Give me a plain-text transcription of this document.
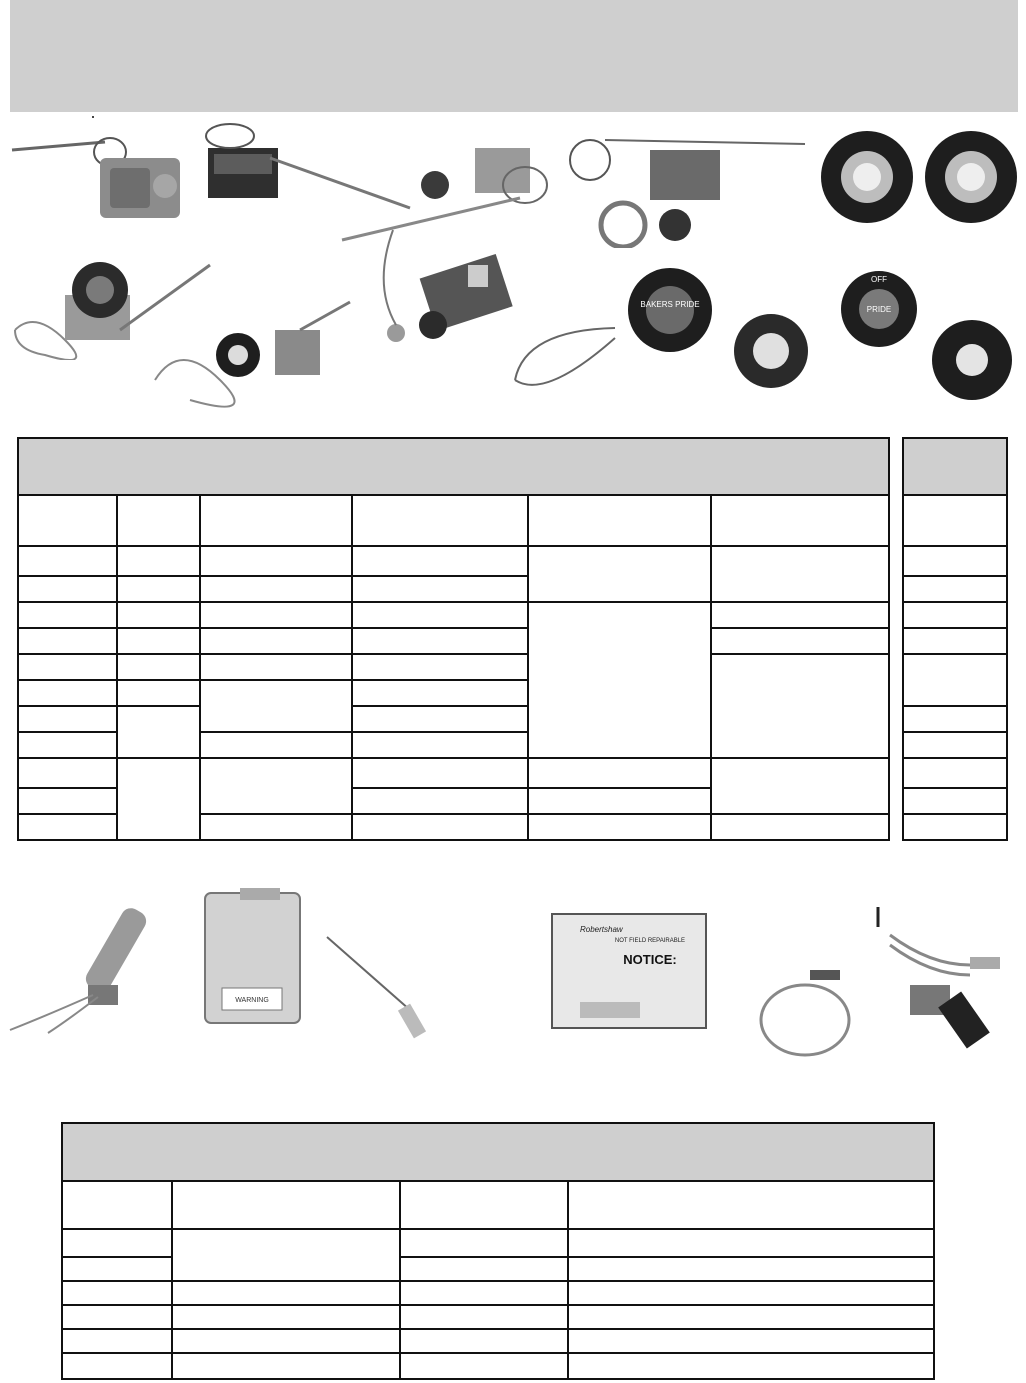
BAKERS PRIDE
OFF
PRIDE

WARNING
Robertshaw
NOT FIELD REPAIRABLE
NOTICE:
